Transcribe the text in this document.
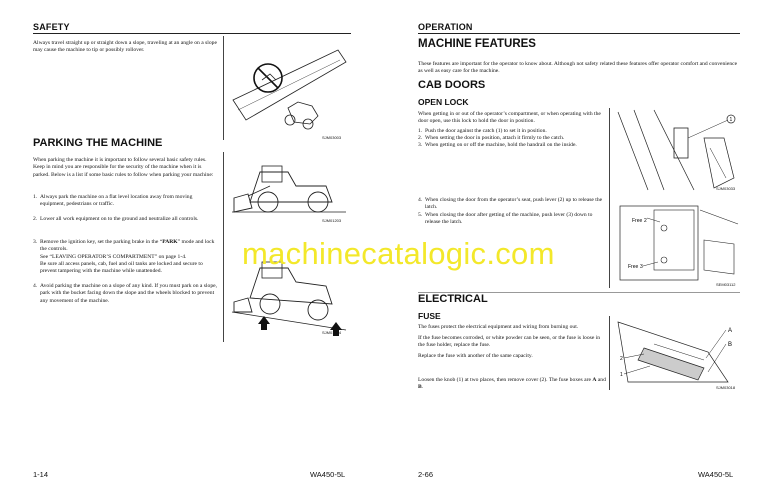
SAFETY
Always travel straight up or straight down a slope, traveling at an angle on a slope may cause the machine to tip or possibly rollover.
SJM03003
PARKING THE MACHINE
When parking the machine it is important to follow several basic safety rules. Keep in mind you are responsible for the security of the machine when it is parked. Below is a list if some basic rules to follow when parking your machine:
1. Always park the machine on a flat level location away from moving equipment, pedestrians or traffic.
2. Lower all work equipment on to the ground and neutralize all controls.
3. Remove the ignition key, set the parking brake in the “PARK” mode and lock the controls.
See “LEAVING OPERATOR’S COMPARTMENT” on page 1-4.
Be sure all access panels, cab, fuel and oil tanks are locked and secure to prevent tampering with the machine while unattended.
4. Avoid parking the machine on a slope of any kind. If you must park on a slope, park with the bucket facing down the slope and the wheels blocked to prevent any movement of the machine.
SJM01203
SJM01504
1-14	WA450-5L
OPERATION
MACHINE FEATURES
These features are important for the operator to know about. Although not safety related these features offer operator comfort and convenience as well as easy care for the machine.
CAB DOORS
OPEN LOCK
When getting in or out of the operator’s compartment, or when operating with the door open, use this lock to hold the door in position.
1. Push the door against the catch (1) to set it in position.
2. When setting the door in position, attach it firmly to the catch.
3. When getting on or off the machine, hold the handrail on the inside.
1
SJM03033
4. When closing the door from the operator’s seat, push lever (2) up to release the latch.
5. When closing the door after getting of the machine, push lever (3) down to release the latch.	Free 2
Free 3
SEM03112
ELECTRICAL
FUSE
The fuses protect the electrical equipment and wiring from burning out.
If the fuse becomes corroded, or white powder can be seen, or the fuse is loose in the fuse holder, replace the fuse.
Replace the fuse with another of the same capacity.
Loosen the knob (1) at two places, then remove cover (2). The fuse boxes are A and B.
A
B
2
1
SJM03018
2-66	WA450-5L
machinecatalogic.com
